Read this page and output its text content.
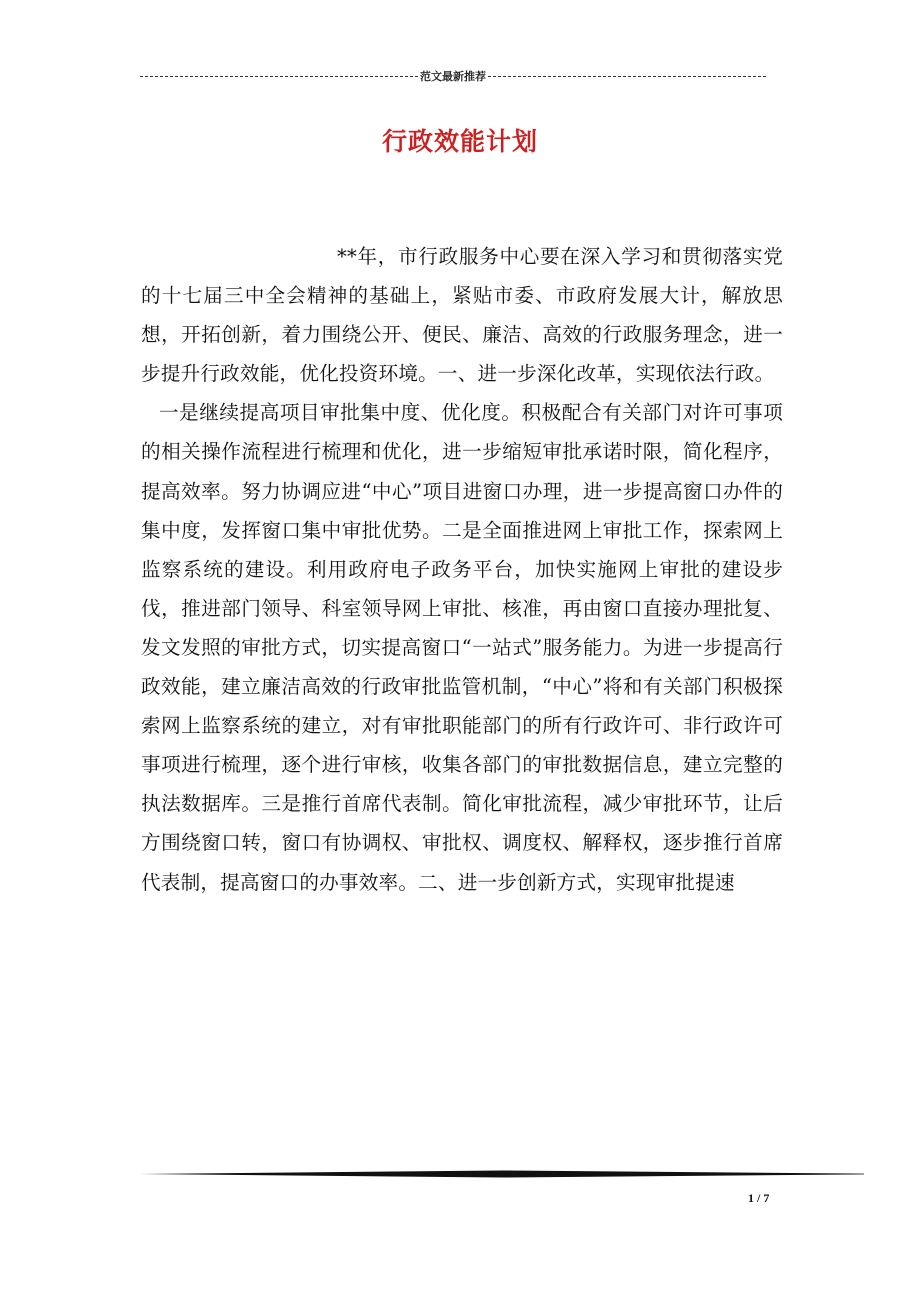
范文最新推荐
行政效能计划

**年，市行政服务中心要在深入学习和贯彻落实党的十七届三中全会精神的基础上，紧贴市委、市政府发展大计，解放思想，开拓创新，着力围绕公开、便民、廉洁、高效的行政服务理念，进一步提升行政效能，优化投资环境。一、进一步深化改革，实现依法行政。

一是继续提高项目审批集中度、优化度。积极配合有关部门对许可事项的相关操作流程进行梳理和优化，进一步缩短审批承诺时限，简化程序，提高效率。努力协调应进“中心”项目进窗口办理，进一步提高窗口办件的集中度，发挥窗口集中审批优势。二是全面推进网上审批工作，探索网上监察系统的建设。利用政府电子政务平台，加快实施网上审批的建设步伐，推进部门领导、科室领导网上审批、核准，再由窗口直接办理批复、发文发照的审批方式，切实提高窗口“一站式”服务能力。为进一步提高行政效能，建立廉洁高效的行政审批监管机制，“中心”将和有关部门积极探索网上监察系统的建立，对有审批职能部门的所有行政许可、非行政许可事项进行梳理，逐个进行审核，收集各部门的审批数据信息，建立完整的执法数据库。三是推行首席代表制。简化审批流程，减少审批环节，让后方围绕窗口转，窗口有协调权、审批权、调度权、解释权，逐步推行首席代表制，提高窗口的办事效率。二、进一步创新方式，实现审批提速

1 / 7
